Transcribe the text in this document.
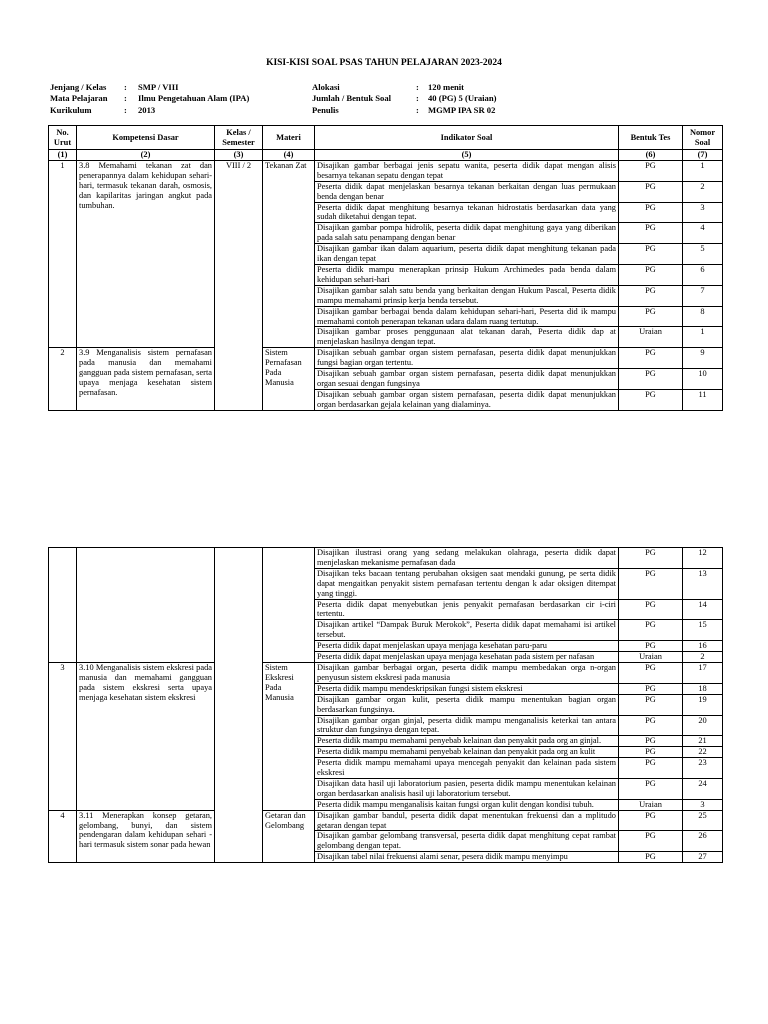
KISI-KISI SOAL PSAS TAHUN PELAJARAN 2023-2024
Jenjang / Kelas	:	SMP / VIII	Alokasi	:	120 menit
Mata Pelajaran	:	Ilmu Pengetahuan Alam (IPA)	Jumlah / Bentuk Soal	:	40 (PG) 5 (Uraian)
Kurikulum	:	2013	Penulis	:	MGMP IPA SR 02
No. Urut	Kompetensi Dasar	Kelas / Semester	Materi	Indikator Soal	Bentuk Tes	Nomor Soal
(1)	(2)	(3)	(4)	(5)	(6)	(7)
1	3.8 Memahami tekanan zat dan penerapannya dalam kehidupan sehari-hari, termasuk tekanan darah, osmosis, dan kapilaritas jaringan angkut pada tumbuhan.	VIII / 2	Tekanan Zat	Disajikan gambar berbagai jenis sepatu wanita, peserta didik dapat mengan alisis besarnya tekanan sepatu dengan tepat	PG	1
				Peserta didik dapat menjelaskan besarnya tekanan berkaitan dengan luas permukaan benda dengan benar	PG	2
				Peserta didik dapat menghitung besarnya tekanan hidrostatis berdasarkan data yang sudah diketahui dengan tepat.	PG	3
				Disajikan gambar pompa hidrolik, peserta didik dapat menghitung gaya yang diberikan pada salah satu penampang dengan benar	PG	4
				Disajikan gambar ikan dalam aquarium, peserta didik dapat menghitung tekanan pada ikan dengan tepat	PG	5
				Peserta didik mampu menerapkan prinsip Hukum Archimedes pada benda dalam kehidupan sehari-hari	PG	6
				Disajikan gambar salah satu benda yang berkaitan dengan Hukum Pascal, Peserta didik mampu memahami prinsip kerja benda tersebut.	PG	7
				Disajikan gambar berbagai benda dalam kehidupan sehari-hari, Peserta did ik mampu memahami contoh penerapan tekanan udara dalam ruang tertutup.	PG	8
				Disajikan gambar proses penggunaan alat tekanan darah, Peserta didik dap at menjelaskan hasilnya dengan tepat.	Uraian	1
2	3.9 Menganalisis sistem pernafasan pada manusia dan memahami gangguan pada sistem pernafasan, serta upaya menjaga kesehatan sistem pernafasan.		Sistem Pernafasan Pada Manusia	Disajikan sebuah gambar organ sistem pernafasan, peserta didik dapat menunjukkan fungsi bagian organ tertentu.	PG	9
				Disajikan sebuah gambar organ sistem pernafasan, peserta didik dapat menunjukkan organ sesuai dengan fungsinya	PG	10
				Disajikan sebuah gambar organ sistem pernafasan, peserta didik dapat menunjukkan organ berdasarkan gejala kelainan yang dialaminya.	PG	11
				Disajikan ilustrasi orang yang sedang melakukan olahraga, peserta didik dapat menjelaskan mekanisme pernafasan dada	PG	12
				Disajikan teks bacaan tentang perubahan oksigen saat mendaki gunung, pe serta didik dapat mengaitkan penyakit sistem pernafasan tertentu dengan k adar oksigen ditempat yang tinggi.	PG	13
				Peserta didik dapat menyebutkan jenis penyakit pernafasan berdasarkan cir i-ciri tertentu.	PG	14
				Disajikan artikel “Dampak Buruk Merokok”, Peserta didik dapat memahami isi artikel tersebut.	PG	15
				Peserta didik dapat menjelaskan upaya menjaga kesehatan paru-paru	PG	16
				Peserta didik dapat menjelaskan upaya menjaga kesehatan pada sistem per nafasan	Uraian	2
3	3.10 Menganalisis sistem ekskresi pada manusia dan memahami gangguan pada sistem ekskresi serta upaya menjaga kesehatan sistem ekskresi		Sistem Ekskresi Pada Manusia	Disajikan gambar berbagai organ, peserta didik mampu membedakan orga n-organ penyusun sistem ekskresi pada manusia	PG	17
				Peserta didik mampu mendeskripsikan fungsi sistem ekskresi	PG	18
				Disajikan gambar organ kulit, peserta didik mampu menentukan bagian organ berdasarkan fungsinya.	PG	19
				Disajikan gambar organ ginjal, peserta didik mampu menganalisis keterkai tan antara struktur dan fungsinya dengan tepat.	PG	20
				Peserta didik mampu memahami penyebab kelainan dan penyakit pada org an ginjal.	PG	21
				Peserta didik mampu memahami penyebab kelainan dan penyakit pada org an kulit	PG	22
				Peserta didik mampu memahami upaya mencegah penyakit dan kelainan pada sistem ekskresi	PG	23
				Disajikan data hasil uji laboratorium pasien, peserta didik mampu menentukan kelainan organ berdasarkan analisis hasil uji laboratorium tersebut.	PG	24
				Peserta didik mampu menganalisis kaitan fungsi organ kulit dengan kondisi tubuh.	Uraian	3
4	3.11 Menerapkan konsep getaran, gelombang, bunyi, dan sistem pendengaran dalam kehidupan sehari -hari termasuk sistem sonar pada hewan		Getaran dan Gelombang	Disajikan gambar bandul, peserta didik dapat menentukan frekuensi dan a mplitudo getaran dengan tepat	PG	25
				Disajikan gambar gelombang transversal, peserta didik dapat menghitung cepat rambat gelombang dengan tepat.	PG	26
				Disajikan tabel nilai frekuensi alami senar, pesera didik mampu menyimpu	PG	27
